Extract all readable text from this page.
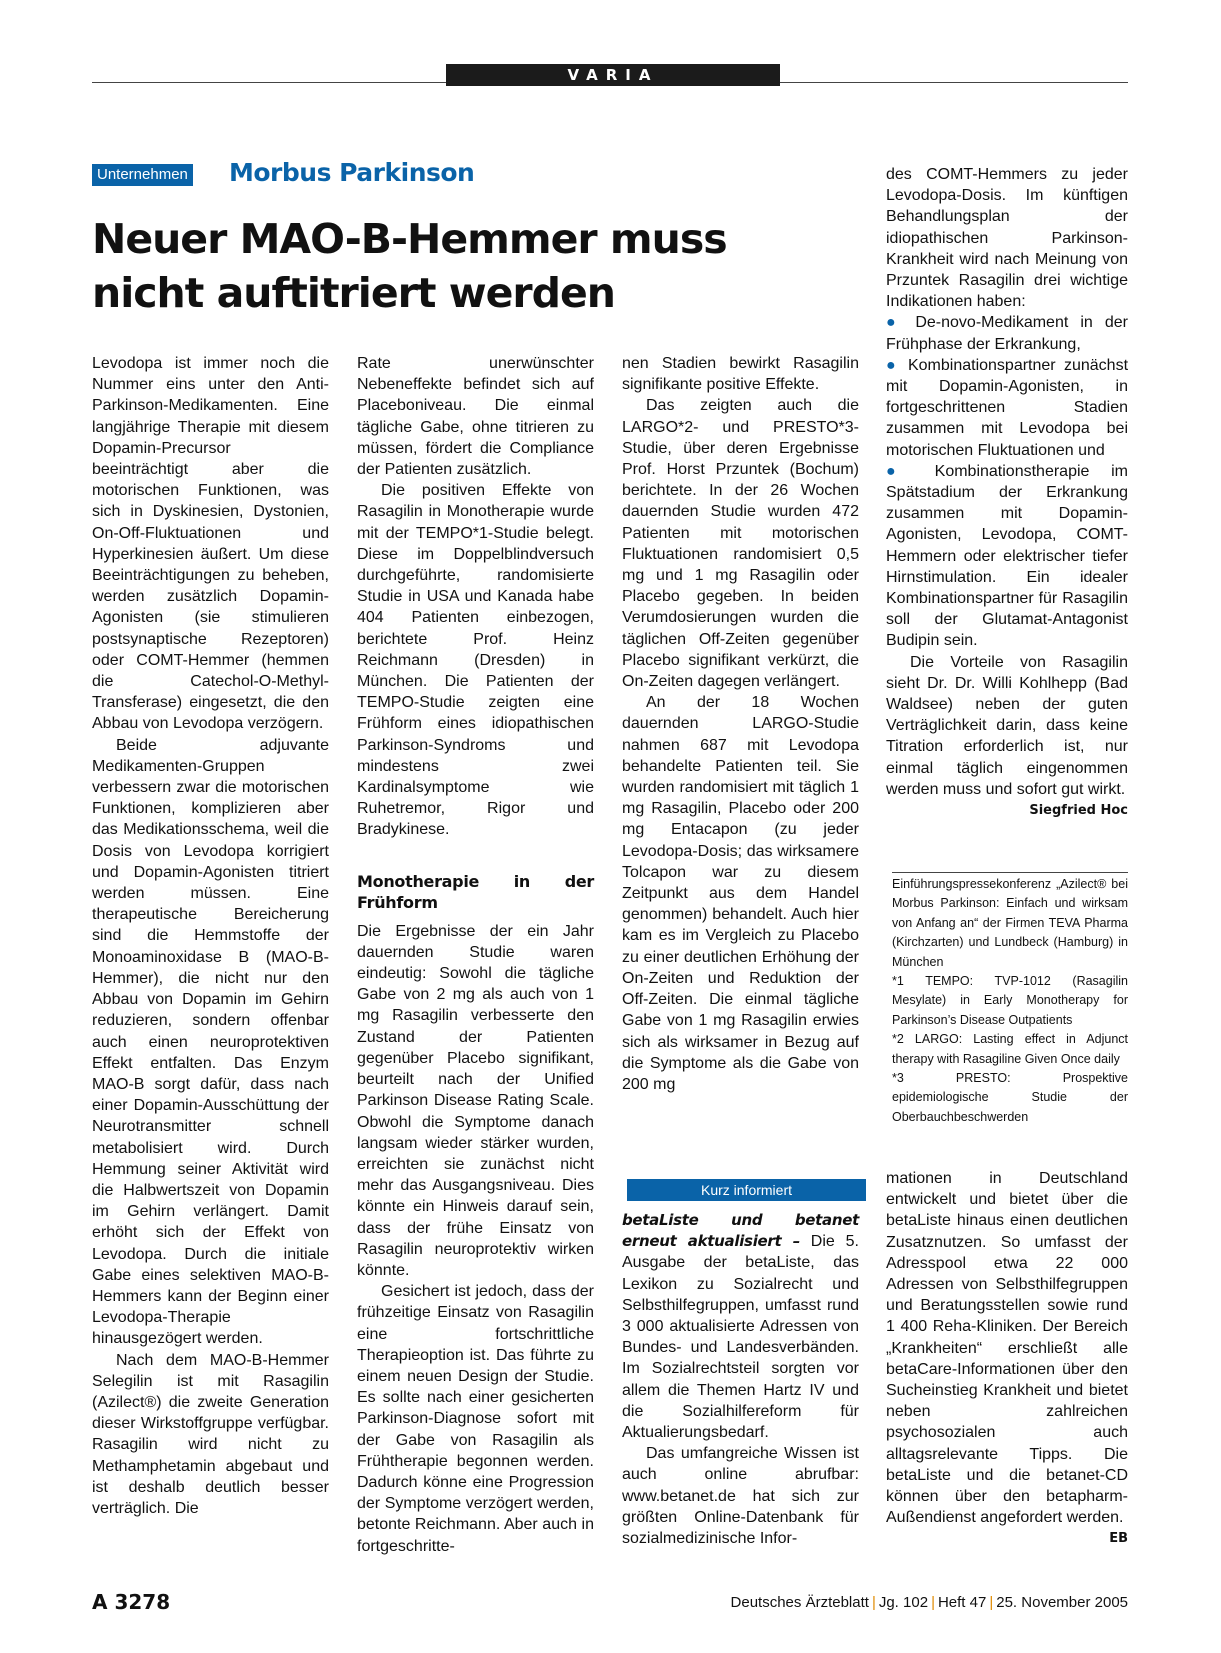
VARIA
Unternehmen Morbus Parkinson
Neuer MAO-B-Hemmer muss nicht auftitriert werden

Levodopa ist immer noch die Nummer eins unter den Anti-Parkinson-Medikamenten. Eine langjährige Therapie mit diesem Dopamin-Precursor beeinträchtigt aber die motorischen Funktionen, was sich in Dyskinesien, Dystonien, On-Off-Fluktuationen und Hyperkinesien äußert. Um diese Beeinträchtigungen zu beheben, werden zusätzlich Dopamin-Agonisten (sie stimulieren postsynaptische Rezeptoren) oder COMT-Hemmer (hemmen die Catechol-O-Methyl-Transferase) eingesetzt, die den Abbau von Levodopa verzögern.

Beide adjuvante Medikamenten-Gruppen verbessern zwar die motorischen Funktionen, komplizieren aber das Medikationsschema, weil die Dosis von Levodopa korrigiert und Dopamin-Agonisten titriert werden müssen. Eine therapeutische Bereicherung sind die Hemmstoffe der Monoaminoxidase B (MAO-B-Hemmer), die nicht nur den Abbau von Dopamin im Gehirn reduzieren, sondern offenbar auch einen neuroprotektiven Effekt entfalten. Das Enzym MAO-B sorgt dafür, dass nach einer Dopamin-Ausschüttung der Neurotransmitter schnell metabolisiert wird. Durch Hemmung seiner Aktivität wird die Halbwertszeit von Dopamin im Gehirn verlängert. Damit erhöht sich der Effekt von Levodopa. Durch die initiale Gabe eines selektiven MAO-B-Hemmers kann der Beginn einer Levodopa-Therapie hinausgezögert werden.

Nach dem MAO-B-Hemmer Selegilin ist mit Rasagilin (Azilect®) die zweite Generation dieser Wirkstoffgruppe verfügbar. Rasagilin wird nicht zu Methamphetamin abgebaut und ist deshalb deutlich besser verträglich. Die

Rate unerwünschter Nebeneffekte befindet sich auf Placeboniveau. Die einmal tägliche Gabe, ohne titrieren zu müssen, fördert die Compliance der Patienten zusätzlich.

Die positiven Effekte von Rasagilin in Monotherapie wurde mit der TEMPO*1-Studie belegt. Diese im Doppelblindversuch durchgeführte, randomisierte Studie in USA und Kanada habe 404 Patienten einbezogen, berichtete Prof. Heinz Reichmann (Dresden) in München. Die Patienten der TEMPO-Studie zeigten eine Frühform eines idiopathischen Parkinson-Syndroms und mindestens zwei Kardinalsymptome wie Ruhetremor, Rigor und Bradykinese.

Monotherapie in der Frühform

Die Ergebnisse der ein Jahr dauernden Studie waren eindeutig: Sowohl die tägliche Gabe von 2 mg als auch von 1 mg Rasagilin verbesserte den Zustand der Patienten gegenüber Placebo signifikant, beurteilt nach der Unified Parkinson Disease Rating Scale. Obwohl die Symptome danach langsam wieder stärker wurden, erreichten sie zunächst nicht mehr das Ausgangsniveau. Dies könnte ein Hinweis darauf sein, dass der frühe Einsatz von Rasagilin neuroprotektiv wirken könnte.

Gesichert ist jedoch, dass der frühzeitige Einsatz von Rasagilin eine fortschrittliche Therapieoption ist. Das führte zu einem neuen Design der Studie. Es sollte nach einer gesicherten Parkinson-Diagnose sofort mit der Gabe von Rasagilin als Frühtherapie begonnen werden. Dadurch könne eine Progression der Symptome verzögert werden, betonte Reichmann. Aber auch in fortgeschritte-

nen Stadien bewirkt Rasagilin signifikante positive Effekte.

Das zeigten auch die LARGO*2- und PRESTO*3-Studie, über deren Ergebnisse Prof. Horst Przuntek (Bochum) berichtete. In der 26 Wochen dauernden Studie wurden 472 Patienten mit motorischen Fluktuationen randomisiert 0,5 mg und 1 mg Rasagilin oder Placebo gegeben. In beiden Verumdosierungen wurden die täglichen Off-Zeiten gegenüber Placebo signifikant verkürzt, die On-Zeiten dagegen verlängert.

An der 18 Wochen dauernden LARGO-Studie nahmen 687 mit Levodopa behandelte Patienten teil. Sie wurden randomisiert mit täglich 1 mg Rasagilin, Placebo oder 200 mg Entacapon (zu jeder Levodopa-Dosis; das wirksamere Tolcapon war zu diesem Zeitpunkt aus dem Handel genommen) behandelt. Auch hier kam es im Vergleich zu Placebo zu einer deutlichen Erhöhung der On-Zeiten und Reduktion der Off-Zeiten. Die einmal tägliche Gabe von 1 mg Rasagilin erwies sich als wirksamer in Bezug auf die Symptome als die Gabe von 200 mg

des COMT-Hemmers zu jeder Levodopa-Dosis. Im künftigen Behandlungsplan der idiopathischen Parkinson-Krankheit wird nach Meinung von Przuntek Rasagilin drei wichtige Indikationen haben:

● De-novo-Medikament in der Frühphase der Erkrankung,

● Kombinationspartner zunächst mit Dopamin-Agonisten, in fortgeschrittenen Stadien zusammen mit Levodopa bei motorischen Fluktuationen und

● Kombinationstherapie im Spätstadium der Erkrankung zusammen mit Dopamin-Agonisten, Levodopa, COMT-Hemmern oder elektrischer tiefer Hirnstimulation. Ein idealer Kombinationspartner für Rasagilin soll der Glutamat-Antagonist Budipin sein.

Die Vorteile von Rasagilin sieht Dr. Dr. Willi Kohlhepp (Bad Waldsee) neben der guten Verträglichkeit darin, dass keine Titration erforderlich ist, nur einmal täglich eingenommen werden muss und sofort gut wirkt.
Siegfried Hoc

Einführungspressekonferenz „Azilect® bei Morbus Parkinson: Einfach und wirksam von Anfang an“ der Firmen TEVA Pharma (Kirchzarten) und Lundbeck (Hamburg) in München

*1 TEMPO: TVP-1012 (Rasagilin Mesylate) in Early Monotherapy for Parkinson’s Disease Outpatients

*2 LARGO: Lasting effect in Adjunct therapy with Rasagiline Given Once daily

*3 PRESTO: Prospektive epidemiologische Studie der Oberbauchbeschwerden

Kurz informiert

betaListe und betanet erneut aktualisiert – Die 5. Ausgabe der betaListe, das Lexikon zu Sozialrecht und Selbsthilfegruppen, umfasst rund 3 000 aktualisierte Adressen von Bundes- und Landesverbänden. Im Sozialrechtsteil sorgten vor allem die Themen Hartz IV und die Sozialhilfereform für Aktualierungsbedarf.

Das umfangreiche Wissen ist auch online abrufbar: www.betanet.de hat sich zur größten Online-Datenbank für sozialmedizinische Infor-

mationen in Deutschland entwickelt und bietet über die betaListe hinaus einen deutlichen Zusatznutzen. So umfasst der Adresspool etwa 22 000 Adressen von Selbsthilfegruppen und Beratungsstellen sowie rund 1 400 Reha-Kliniken. Der Bereich „Krankheiten“ erschließt alle betaCare-Informationen über den Sucheinstieg Krankheit und bietet neben zahlreichen psychosozialen auch alltagsrelevante Tipps. Die betaListe und die betanet-CD können über den betapharm-Außendienst angefordert werden.
EB

A 3278	Deutsches Ärzteblatt | Jg. 102 | Heft 47 | 25. November 2005
